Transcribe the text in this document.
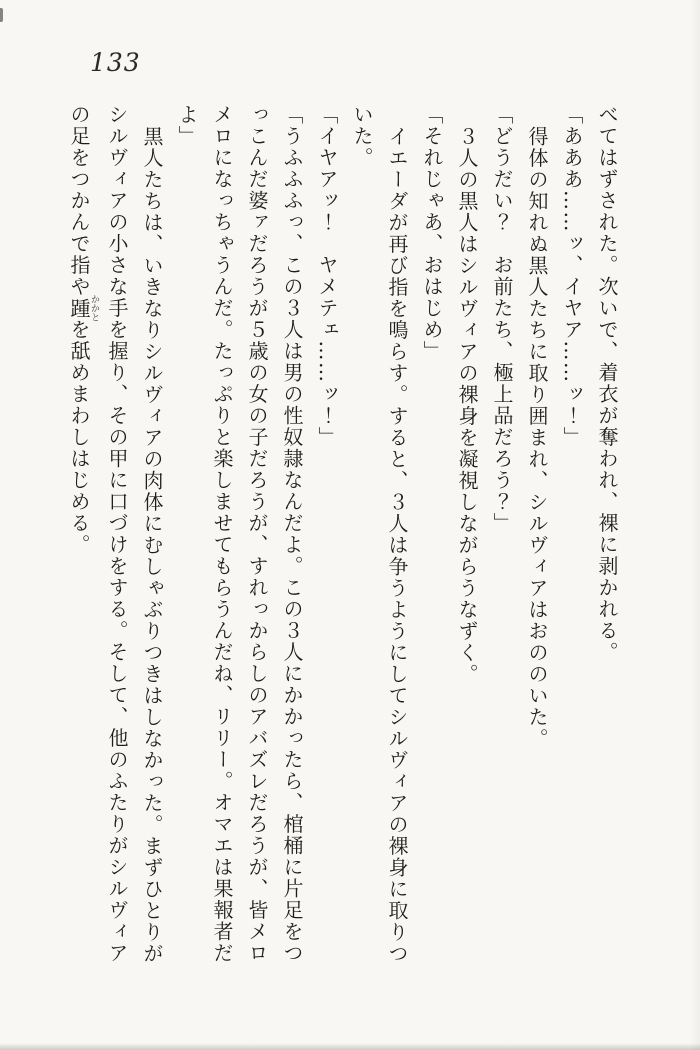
133

べてはずされた。次いで、着衣が奪われ、裸に剥かれる。

「あああ……ッ、イヤア……ッ！」

得体の知れぬ黒人たちに取り囲まれ、シルヴィアはおののいた。

「どうだい？　お前たち、極上品だろう？」

３人の黒人はシルヴィアの裸身を凝視しながらうなずく。

「それじゃあ、おはじめ」

イエーダが再び指を鳴らす。すると、３人は争うようにしてシルヴィアの裸身に取りつ

いた。

「イヤアッ！　ヤメテェ……ッ！」

「うふふふっ、この３人は男の性奴隷なんだよ。この３人にかかったら、棺桶に片足をつ

っこんだ婆ァだろうが５歳の女の子だろうが、すれっからしのアバズレだろうが、皆メロ

メロになっちゃうんだ。たっぷりと楽しませてもらうんだね、リリー。オマエは果報者だ

よ」

黒人たちは、いきなりシルヴィアの肉体にむしゃぶりつきはしなかった。まずひとりが

シルヴィアの小さな手を握り、その甲に口づけをする。そして、他のふたりがシルヴィア

の足をつかんで指や踵かかとを舐めまわしはじめる。
